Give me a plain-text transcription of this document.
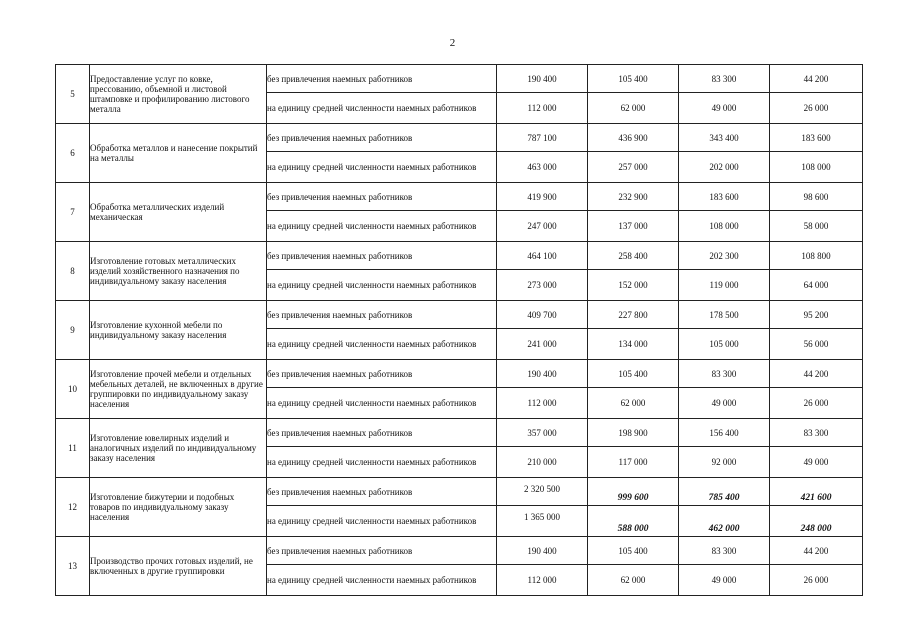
2
5	Предоставление услуг по ковке, прессованию, объемной и листовой штамповке и профилированию листового металла	без привлечения наемных работников	190 400	105 400	83 300	44 200
		на единицу средней численности наемных работников	112 000	62 000	49 000	26 000
6	Обработка металлов и нанесение покрытий на металлы	без привлечения наемных работников	787 100	436 900	343 400	183 600
		на единицу средней численности наемных работников	463 000	257 000	202 000	108 000
7	Обработка металлических изделий механическая	без привлечения наемных работников	419 900	232 900	183 600	98 600
		на единицу средней численности наемных работников	247 000	137 000	108 000	58 000
8	Изготовление готовых металлических изделий хозяйственного назначения по индивидуальному заказу населения	без привлечения наемных работников	464 100	258 400	202 300	108 800
		на единицу средней численности наемных работников	273 000	152 000	119 000	64 000
9	Изготовление кухонной мебели по индивидуальному заказу населения	без привлечения наемных работников	409 700	227 800	178 500	95 200
		на единицу средней численности наемных работников	241 000	134 000	105 000	56 000
10	Изготовление прочей мебели и отдельных мебельных деталей, не включенных в другие группировки по индивидуальному заказу населения	без привлечения наемных работников	190 400	105 400	83 300	44 200
		на единицу средней численности наемных работников	112 000	62 000	49 000	26 000
11	Изготовление ювелирных изделий и аналогичных изделий по индивидуальному заказу населения	без привлечения наемных работников	357 000	198 900	156 400	83 300
		на единицу средней численности наемных работников	210 000	117 000	92 000	49 000
12	Изготовление бижутерии и подобных товаров по индивидуальному заказу населения	без привлечения наемных работников	2 320 500	999 600	785 400	421 600
		на единицу средней численности наемных работников	1 365 000	588 000	462 000	248 000
13	Производство прочих готовых изделий, не включенных в другие группировки	без привлечения наемных работников	190 400	105 400	83 300	44 200
		на единицу средней численности наемных работников	112 000	62 000	49 000	26 000
